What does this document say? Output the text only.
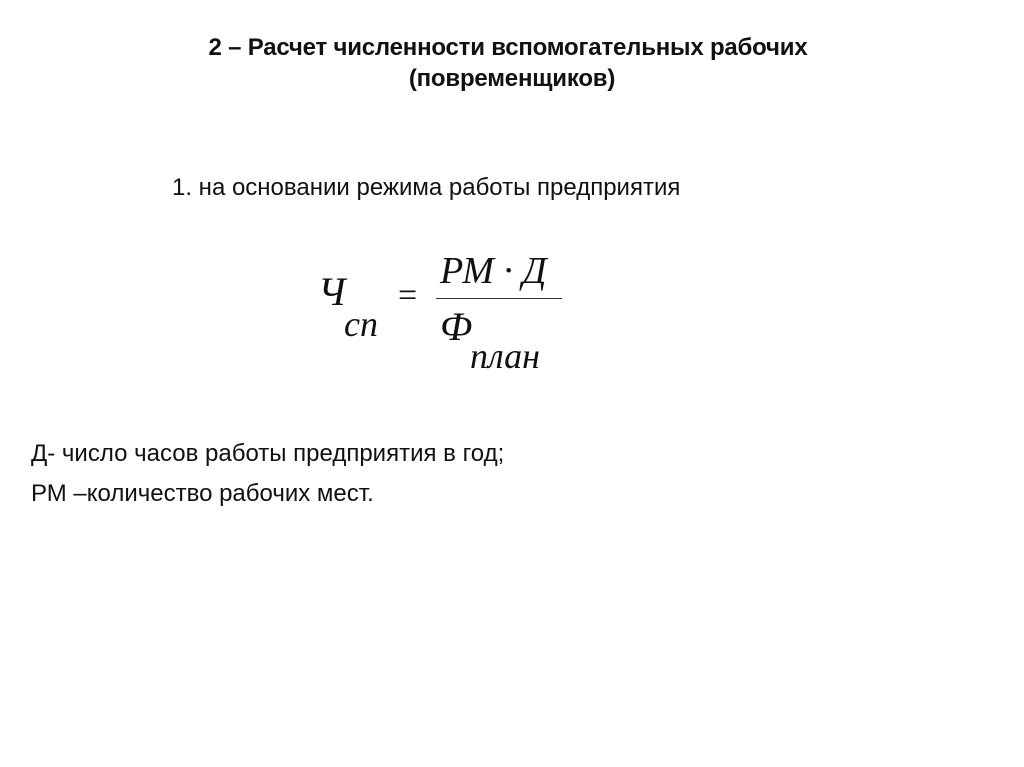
2 – Расчет численности вспомогательных рабочих
(повременщиков)
1. на основании режима работы предприятия
Ч
сп
=
РМ · Д
Ф
план
Д- число часов работы предприятия в год;
РМ –количество рабочих мест.
